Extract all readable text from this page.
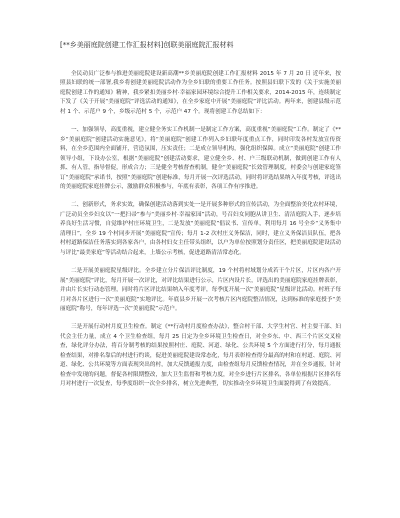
[**乡美丽庭院创建工作汇报材料]创联美丽庭院汇报材料

全民动员广泛参与推进美丽庭院建设新高潮**乡美丽庭院创建工作汇报材料 2015 年 7 月 20 日 近年来，按照县妇联的统一部署,我乡将创建美丽庭院活动作为全乡妇联的重要工作任务。按照县妇联下发的《关于实施美丽庭院创建工作的通知》精神，我乡紧扣美丽乡村·幸福家园环境综合提升工作相关要求，2014-2015 年，连续制定下发了《关于开展“美丽庭院”评选活动的通知》，在全乡家庭中开展“美丽庭院”评比活动。两年来，创建县级示范村 1 个、示范户 9 个，乡级示范村 5 个，示范户 47 个。现将创建工作总结如下：

一、加强领导，高度重视，建立健全务实工作机制一是制定工作方案，高度重视“美丽庭院”工作。制定了《**乡“美丽庭院”创建活动实施意见》，将“美丽庭院”创建工作列入乡妇联年度重点工作，同时印发各村发放宣传资料，在全乡范围内全面铺开，营造氛围，压实责任；二是成立领导机构，强化组织保障。成立“美丽庭院”创建工作领导小组，下设办公室，根据“美丽庭院”创建活动要求，建立健全乡、村、户三级联动机制，做到创建工作有人抓、有人管，指导督促，形成合力；三是健全考核督查机制，健全“美丽庭院”长效管理制度，村委会与创建家庭签订“美丽庭院”承诺书，按照“美丽庭院”创建标准，每月开展一次评选活动，同时将评选结果纳入年度考核，评选出的美丽庭院家庭挂牌公示，激励群众积极参与，年底有表彰，各项工作有序推进。

二、创新形式，务求实效，确保创建活动落到实处一是开展多种形式的宣传活动，为全面整治美化农村环境，广泛动员全乡妇女以“一把扫帚”参与“美丽乡村·幸福家园”活动，号召妇女同胞从讲卫生、清洁庭院入手，逐步培养良好生活习惯，自觉维护村庄环境卫生，二是发放“美丽庭院”倡议书、宣传单，利用每月 16 号全乡“义务集中清理日”，全乡 19 个村同步开展“美丽庭院”宣传；每月 1-2 次村庄义务保洁，同时，建立义务保洁员队伍，把各村村道路保洁任务落实到各家各户，由各村妇女主任带头组织，以户为单位按照划分责任区，把美丽庭院建设活动与评比“最美家庭”等活动结合起来，上墙公示考核，促进道路清洁常态化。

二是开展美丽庭院星级评比。全乡建立分片保洁评比制度，19 个村将村域划分成若干个片区，片区内各户开展“美丽庭院”评比，每月开展一次评比，对评比结果进行公示，片区内设片长，评选出的美丽庭院家庭挂牌表彰，并由片长实行动态管理，同时将片区评比结果纳入年度考评，每季度开展一次“美丽庭院”星级评比活动。村班子每月对各片区进行一次“美丽庭院”实地评比。年底县乡开展一次考核片区内庭院整洁情况，达到标准的家庭授予“美丽庭院”称号，每年评选一次“美丽庭院”示范户。

三是开展行动村月度卫生检查。制定《**行动村月度检查办法》，整合村干部、大学生村官、村主要干部、妇代会主任力量，成立 4 个卫生检查组，每月 25 日定为全乡环境卫生检查日，对全乡东、中、西三个片区交叉检查，绿化评分办法，将百分制考核的结果按照村庄、庭院、河道、绿化、公共环境 5 个方面进行打分，每月通报检查结果，对排名靠后的村进行约谈，促进美丽庭院建设常态化，每月表彰检查得分最高的村和在村道、庭院、河道、绿化、公共环境等方面表现突出的村，加大反馈通报力度，由检查组每月反馈检查情况，并在全乡通报，针对检查中发现的问题，督促各村限期整改，加大卫生监督和考核力度，对全乡进行片区排名，各单位根据片区排名每月对村进行一次复查，每季度组织一次全乡排名，树立先进典型，切实推动全乡环境卫生面貌得到了有效提高。
